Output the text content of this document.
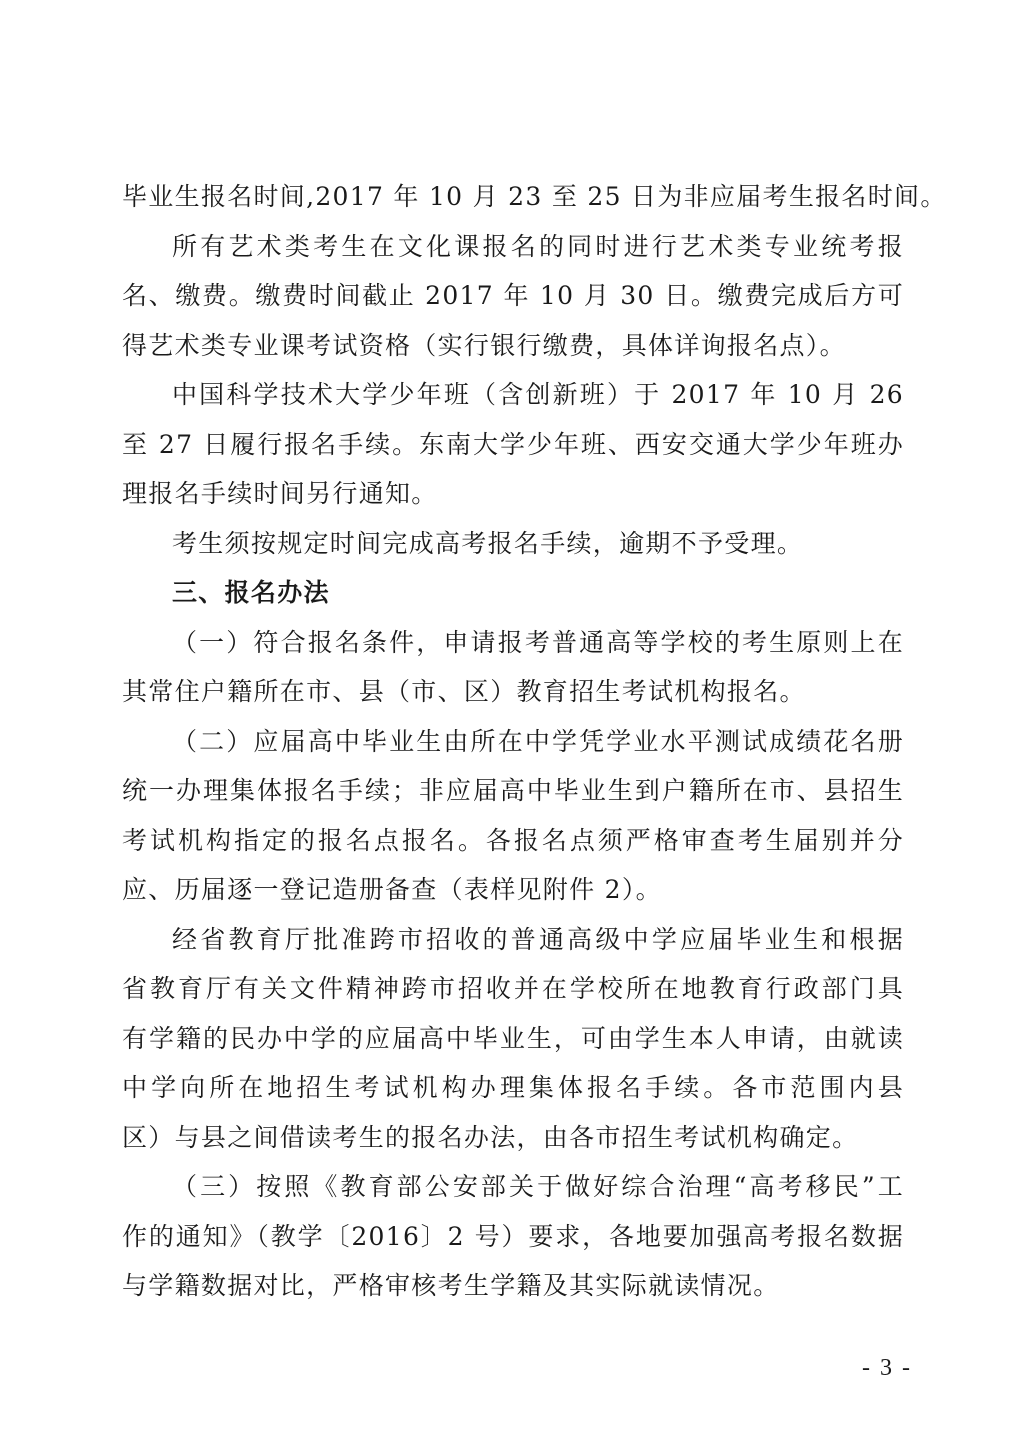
毕业生报名时间,2017 年 10 月 23 至 25 日为非应届考生报名时间。
所有艺术类考生在文化课报名的同时进行艺术类专业统考报
名、缴费。缴费时间截止 2017 年 10 月 30 日。缴费完成后方可
得艺术类专业课考试资格（实行银行缴费，具体详询报名点）。
中国科学技术大学少年班（含创新班）于 2017 年 10 月 26
至 27 日履行报名手续。东南大学少年班、西安交通大学少年班办
理报名手续时间另行通知。
考生须按规定时间完成高考报名手续，逾期不予受理。
三、报名办法
（一）符合报名条件，申请报考普通高等学校的考生原则上在
其常住户籍所在市、县（市、区）教育招生考试机构报名。
（二）应届高中毕业生由所在中学凭学业水平测试成绩花名册
统一办理集体报名手续；非应届高中毕业生到户籍所在市、县招生
考试机构指定的报名点报名。各报名点须严格审查考生届别并分
应、历届逐一登记造册备查（表样见附件 2）。
经省教育厅批准跨市招收的普通高级中学应届毕业生和根据
省教育厅有关文件精神跨市招收并在学校所在地教育行政部门具
有学籍的民办中学的应届高中毕业生，可由学生本人申请，由就读
中学向所在地招生考试机构办理集体报名手续。各市范围内县
区）与县之间借读考生的报名办法，由各市招生考试机构确定。
（三）按照《教育部公安部关于做好综合治理“高考移民”工
作的通知》（教学〔2016〕2 号）要求，各地要加强高考报名数据
与学籍数据对比，严格审核考生学籍及其实际就读情况。
- 3 -
